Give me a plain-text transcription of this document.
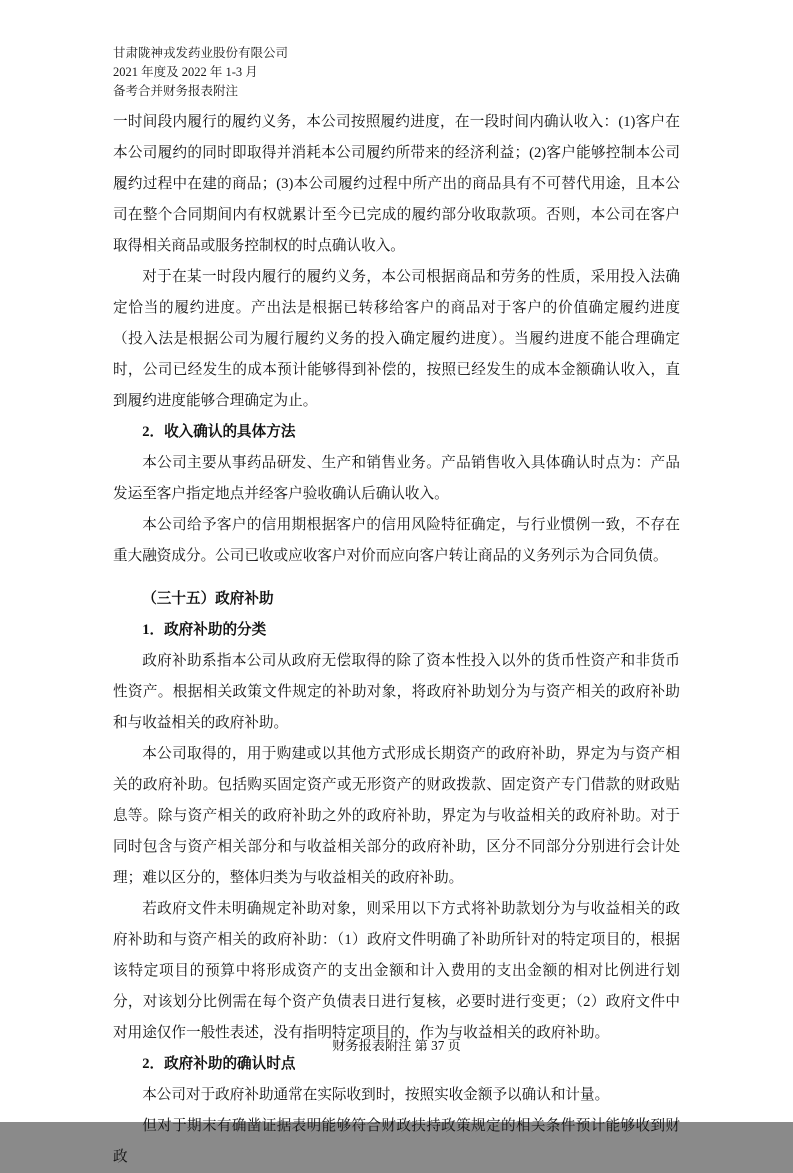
甘肃陇神戎发药业股份有限公司
2021 年度及 2022 年 1-3 月
备考合并财务报表附注

一时间段内履行的履约义务，本公司按照履约进度，在一段时间内确认收入：(1)客户在本公司履约的同时即取得并消耗本公司履约所带来的经济利益；(2)客户能够控制本公司履约过程中在建的商品；(3)本公司履约过程中所产出的商品具有不可替代用途，且本公司在整个合同期间内有权就累计至今已完成的履约部分收取款项。否则，本公司在客户取得相关商品或服务控制权的时点确认收入。

对于在某一时段内履行的履约义务，本公司根据商品和劳务的性质，采用投入法确定恰当的履约进度。产出法是根据已转移给客户的商品对于客户的价值确定履约进度（投入法是根据公司为履行履约义务的投入确定履约进度）。当履约进度不能合理确定时，公司已经发生的成本预计能够得到补偿的，按照已经发生的成本金额确认收入，直到履约进度能够合理确定为止。

2．收入确认的具体方法

本公司主要从事药品研发、生产和销售业务。产品销售收入具体确认时点为：产品发运至客户指定地点并经客户验收确认后确认收入。

本公司给予客户的信用期根据客户的信用风险特征确定，与行业惯例一致，不存在重大融资成分。公司已收或应收客户对价而应向客户转让商品的义务列示为合同负债。

（三十五）政府补助

1．政府补助的分类

政府补助系指本公司从政府无偿取得的除了资本性投入以外的货币性资产和非货币性资产。根据相关政策文件规定的补助对象，将政府补助划分为与资产相关的政府补助和与收益相关的政府补助。

本公司取得的，用于购建或以其他方式形成长期资产的政府补助，界定为与资产相关的政府补助。包括购买固定资产或无形资产的财政拨款、固定资产专门借款的财政贴息等。除与资产相关的政府补助之外的政府补助，界定为与收益相关的政府补助。对于同时包含与资产相关部分和与收益相关部分的政府补助，区分不同部分分别进行会计处理；难以区分的，整体归类为与收益相关的政府补助。

若政府文件未明确规定补助对象，则采用以下方式将补助款划分为与收益相关的政府补助和与资产相关的政府补助：（1）政府文件明确了补助所针对的特定项目的，根据该特定项目的预算中将形成资产的支出金额和计入费用的支出金额的相对比例进行划分，对该划分比例需在每个资产负债表日进行复核，必要时进行变更；（2）政府文件中对用途仅作一般性表述，没有指明特定项目的，作为与收益相关的政府补助。

2．政府补助的确认时点

本公司对于政府补助通常在实际收到时，按照实收金额予以确认和计量。

但对于期末有确凿证据表明能够符合财政扶持政策规定的相关条件预计能够收到财政

财务报表附注 第 37 页
